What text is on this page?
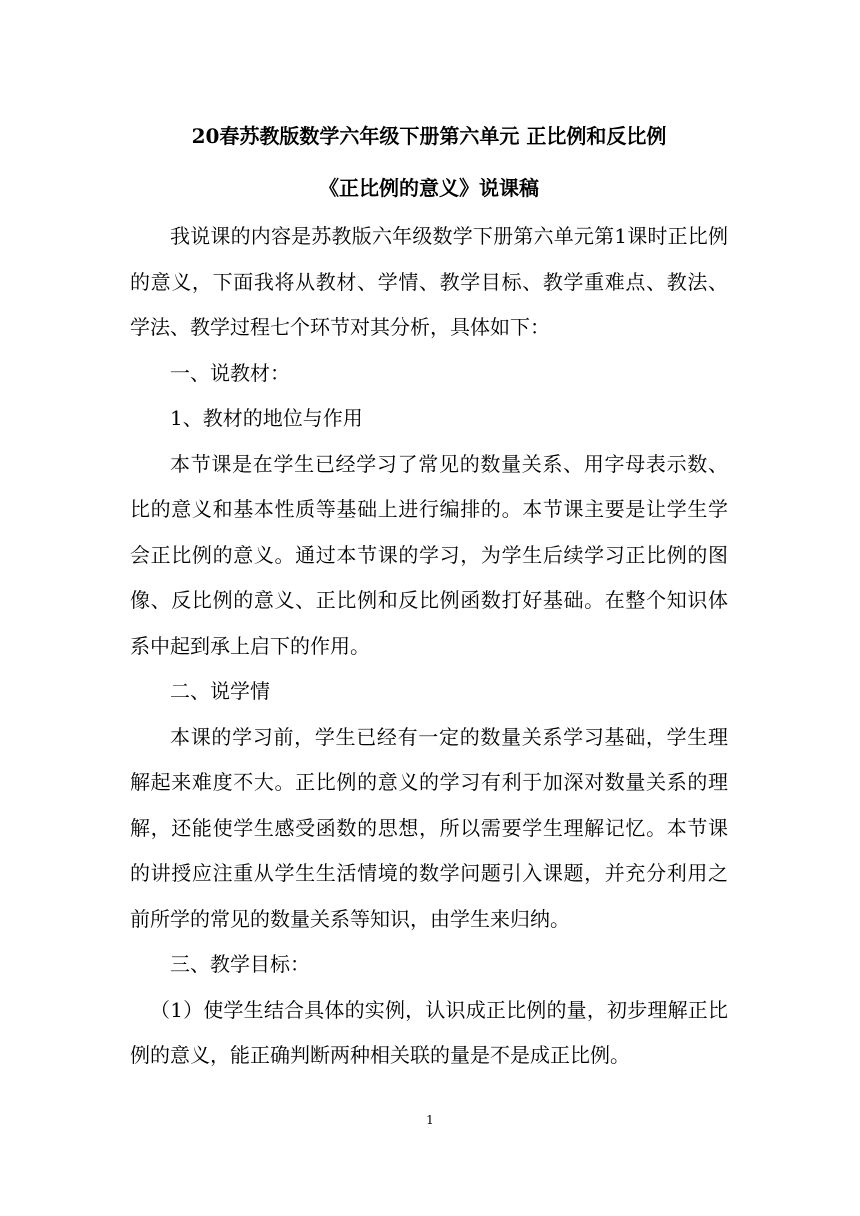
20春苏教版数学六年级下册第六单元 正比例和反比例
《正比例的意义》说课稿

我说课的内容是苏教版六年级数学下册第六单元第1课时正比例的意义，下面我将从教材、学情、教学目标、教学重难点、教法、学法、教学过程七个环节对其分析，具体如下：

一、说教材：

1、教材的地位与作用

本节课是在学生已经学习了常见的数量关系、用字母表示数、比的意义和基本性质等基础上进行编排的。本节课主要是让学生学会正比例的意义。通过本节课的学习，为学生后续学习正比例的图像、反比例的意义、正比例和反比例函数打好基础。在整个知识体系中起到承上启下的作用。

二、说学情

本课的学习前，学生已经有一定的数量关系学习基础，学生理解起来难度不大。正比例的意义的学习有利于加深对数量关系的理解，还能使学生感受函数的思想，所以需要学生理解记忆。本节课的讲授应注重从学生生活情境的数学问题引入课题，并充分利用之前所学的常见的数量关系等知识，由学生来归纳。

三、教学目标：

（1）使学生结合具体的实例，认识成正比例的量，初步理解正比例的意义，能正确判断两种相关联的量是不是成正比例。

1
